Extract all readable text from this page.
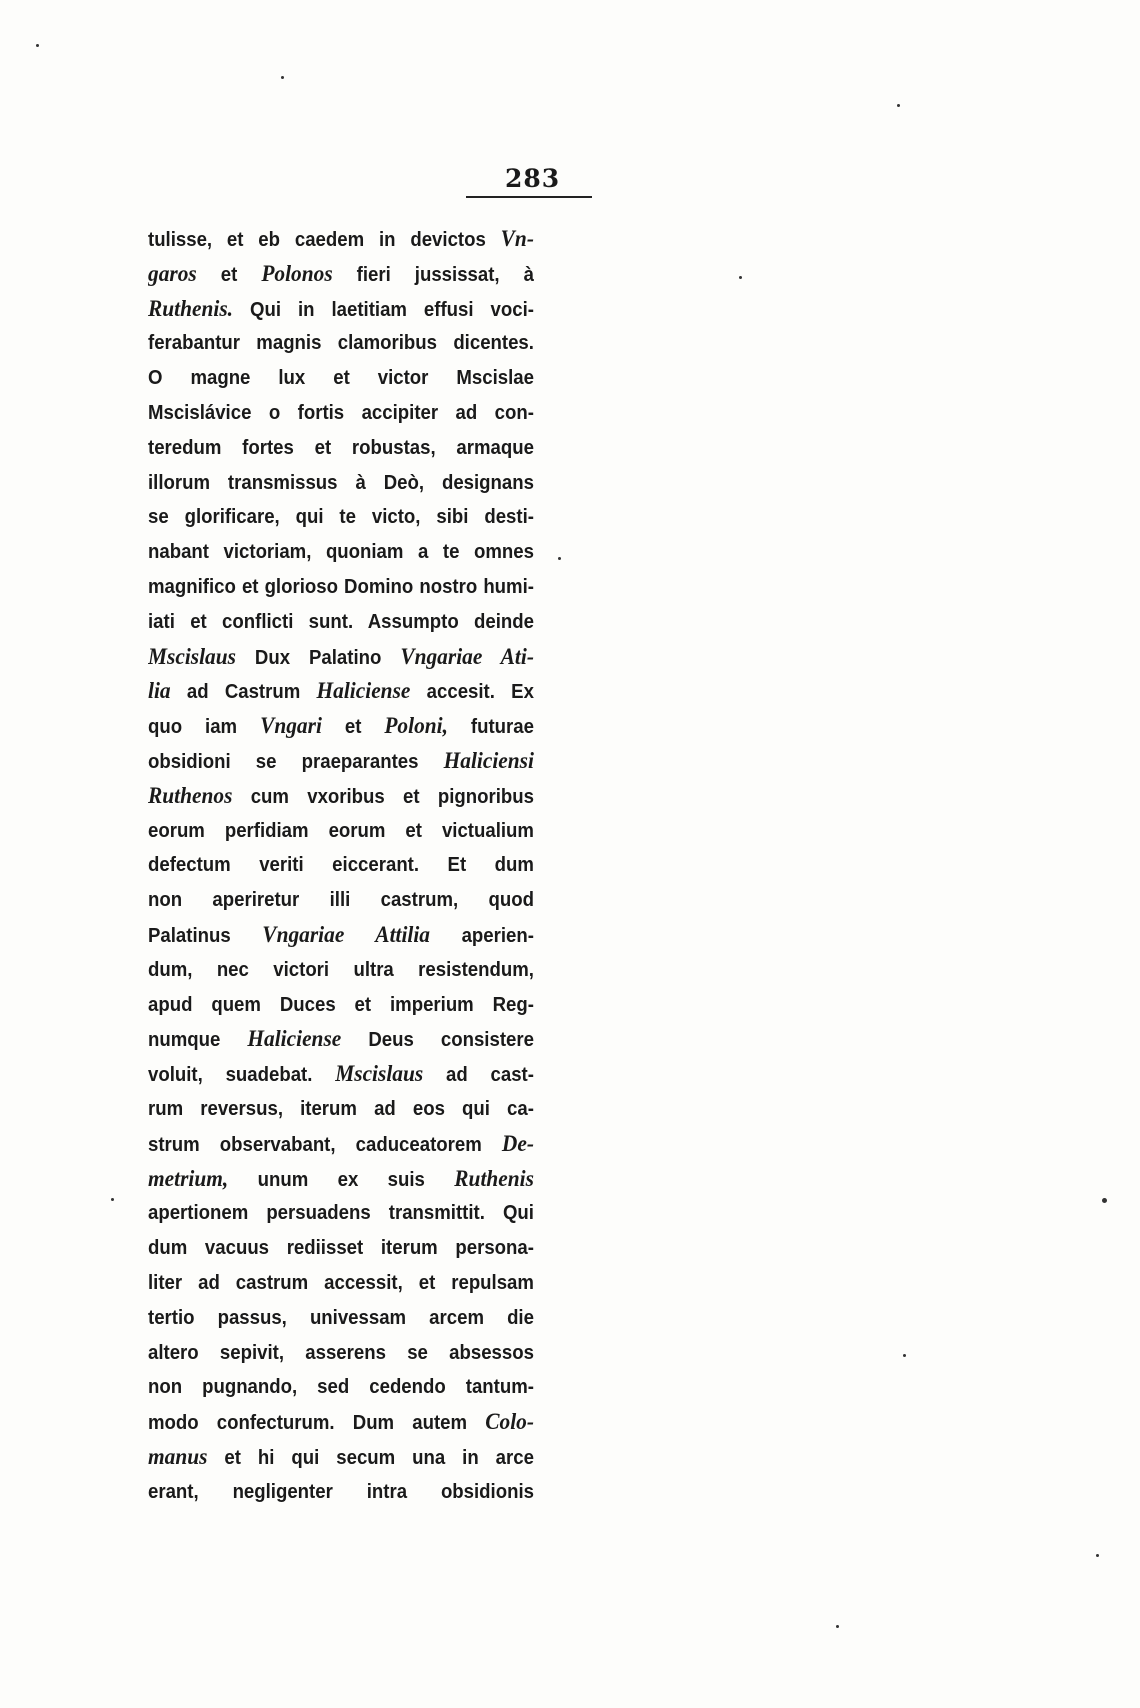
283
tulisse, et eb caedem in devictos Vn-
garos et Polonos fieri jussissat, à
Ruthenis. Qui in laetitiam effusi voci-
ferabantur magnis clamoribus dicentes.
O magne lux et victor Mscislae
Mscislávice o fortis accipiter ad con-
teredum fortes et robustas, armaque
illorum transmissus à Deò, designans
se glorificare, qui te victo, sibi desti-
nabant victoriam, quoniam a te omnes
magnifico et glorioso Domino nostro humi-
iati et conflicti sunt. Assumpto deinde
Mscislaus Dux Palatino Vngariae Ati-
lia ad Castrum Haliciense accesit. Ex
quo iam Vngari et Poloni, futurae
obsidioni se praeparantes Haliciensi
Ruthenos cum vxoribus et pignoribus
eorum perfidiam eorum et victualium
defectum veriti eiccerant. Et dum
non aperiretur illi castrum, quod
Palatinus Vngariae Attilia aperien-
dum, nec victori ultra resistendum,
apud quem Duces et imperium Reg-
numque Haliciense Deus consistere
voluit, suadebat. Mscislaus ad cast-
rum reversus, iterum ad eos qui ca-
strum observabant, caduceatorem De-
metrium, unum ex suis Ruthenis
apertionem persuadens transmittit. Qui
dum vacuus rediisset iterum persona-
liter ad castrum accessit, et repulsam
tertio passus, univessam arcem die
altero sepivit, asserens se absessos
non pugnando, sed cedendo tantum-
modo confecturum. Dum autem Colo-
manus et hi qui secum una in arce
erant, negligenter intra obsidionis
